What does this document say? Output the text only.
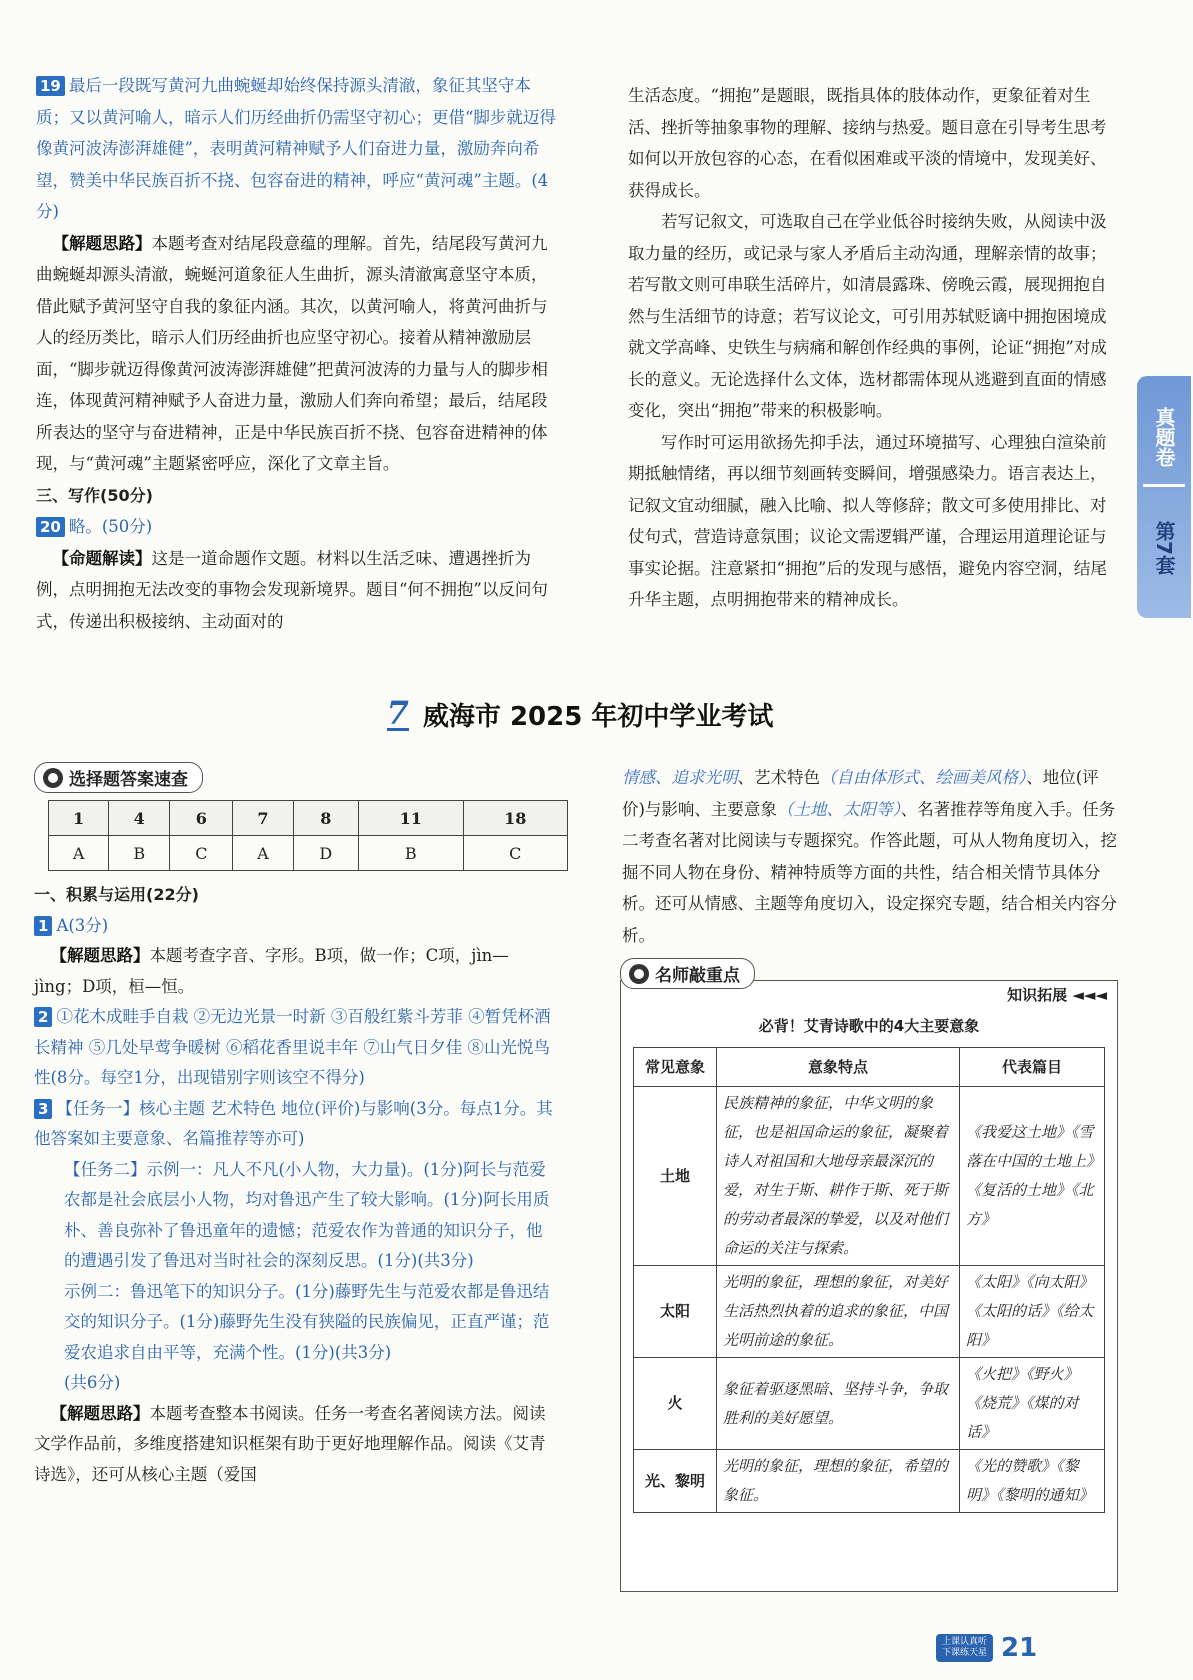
19 最后一段既写黄河九曲蜿蜒却始终保持源头清澈，象征其坚守本质；又以黄河喻人，暗示人们历经曲折仍需坚守初心；更借“脚步就迈得像黄河波涛澎湃雄健”，表明黄河精神赋予人们奋进力量，激励奔向希望，赞美中华民族百折不挠、包容奋进的精神，呼应“黄河魂”主题。(4分)

【解题思路】本题考查对结尾段意蕴的理解。首先，结尾段写黄河九曲蜿蜒却源头清澈，蜿蜒河道象征人生曲折，源头清澈寓意坚守本质，借此赋予黄河坚守自我的象征内涵。其次，以黄河喻人，将黄河曲折与人的经历类比，暗示人们历经曲折也应坚守初心。接着从精神激励层面，“脚步就迈得像黄河波涛澎湃雄健”把黄河波涛的力量与人的脚步相连，体现黄河精神赋予人奋进力量，激励人们奔向希望；最后，结尾段所表达的坚守与奋进精神，正是中华民族百折不挠、包容奋进精神的体现，与“黄河魂”主题紧密呼应，深化了文章主旨。

三、写作(50分)

20 略。(50分)

【命题解读】这是一道命题作文题。材料以生活乏味、遭遇挫折为例，点明拥抱无法改变的事物会发现新境界。题目“何不拥抱”以反问句式，传递出积极接纳、主动面对的

生活态度。“拥抱”是题眼，既指具体的肢体动作，更象征着对生活、挫折等抽象事物的理解、接纳与热爱。题目意在引导考生思考如何以开放包容的心态，在看似困难或平淡的情境中，发现美好、获得成长。

若写记叙文，可选取自己在学业低谷时接纳失败，从阅读中汲取力量的经历，或记录与家人矛盾后主动沟通，理解亲情的故事；若写散文则可串联生活碎片，如清晨露珠、傍晚云霞，展现拥抱自然与生活细节的诗意；若写议论文，可引用苏轼贬谪中拥抱困境成就文学高峰、史铁生与病痛和解创作经典的事例，论证“拥抱”对成长的意义。无论选择什么文体，选材都需体现从逃避到直面的情感变化，突出“拥抱”带来的积极影响。

写作时可运用欲扬先抑手法，通过环境描写、心理独白渲染前期抵触情绪，再以细节刻画转变瞬间，增强感染力。语言表达上，记叙文宜动细腻，融入比喻、拟人等修辞；散文可多使用排比、对仗句式，营造诗意氛围；议论文需逻辑严谨，合理运用道理论证与事实论据。注意紧扣“拥抱”后的发现与感悟，避免内容空洞，结尾升华主题，点明拥抱带来的精神成长。

真题卷
第7套
7 威海市 2025 年初中学业考试
选择题答案速查
1	4	6	7	8	11	18
A	B	C	A	D	B	C

一、积累与运用(22分)

1 A(3分)

【解题思路】本题考查字音、字形。B项，做一作；C项，jìn—jìng；D项，桓—恒。

2 ①花木成畦手自栽 ②无边光景一时新 ③百般红紫斗芳菲 ④暂凭杯酒长精神 ⑤几处早莺争暖树 ⑥稻花香里说丰年 ⑦山气日夕佳 ⑧山光悦鸟性(8分。每空1分，出现错别字则该空不得分)

3 【任务一】核心主题 艺术特色 地位(评价)与影响(3分。每点1分。其他答案如主要意象、名篇推荐等亦可)

【任务二】示例一：凡人不凡(小人物，大力量)。(1分)阿长与范爱农都是社会底层小人物，均对鲁迅产生了较大影响。(1分)阿长用质朴、善良弥补了鲁迅童年的遗憾；范爱农作为普通的知识分子，他的遭遇引发了鲁迅对当时社会的深刻反思。(1分)(共3分)

示例二：鲁迅笔下的知识分子。(1分)藤野先生与范爱农都是鲁迅结交的知识分子。(1分)藤野先生没有狭隘的民族偏见，正直严谨；范爱农追求自由平等，充满个性。(1分)(共3分)

(共6分)

【解题思路】本题考查整本书阅读。任务一考查名著阅读方法。阅读文学作品前，多维度搭建知识框架有助于更好地理解作品。阅读《艾青诗选》，还可从核心主题（爱国

情感、追求光明、艺术特色（自由体形式、绘画美风格）、地位(评价)与影响、主要意象（土地、太阳等）、名著推荐等角度入手。任务二考查名著对比阅读与专题探究。作答此题，可从人物角度切入，挖掘不同人物在身份、精神特质等方面的共性，结合相关情节具体分析。还可从情感、主题等角度切入，设定探究专题，结合相关内容分析。

名师敲重点
知识拓展 ◄◄◄
必背！艾青诗歌中的4大主要意象
常见意象	意象特点	代表篇目
土地	民族精神的象征，中华文明的象征，也是祖国命运的象征，凝聚着诗人对祖国和大地母亲最深沉的爱，对生于斯、耕作于斯、死于斯的劳动者最深的挚爱，以及对他们命运的关注与探索。	《我爱这土地》《雪落在中国的土地上》《复活的土地》《北方》
太阳	光明的象征，理想的象征，对美好生活热烈执着的追求的象征，中国光明前途的象征。	《太阳》《向太阳》《太阳的话》《给太阳》
火	象征着驱逐黑暗、坚持斗争，争取胜利的美好愿望。	《火把》《野火》《烧荒》《煤的对话》
光、黎明	光明的象征，理想的象征，希望的象征。	《光的赞歌》《黎明》《黎明的通知》
上课认真听
下课练天星 21
